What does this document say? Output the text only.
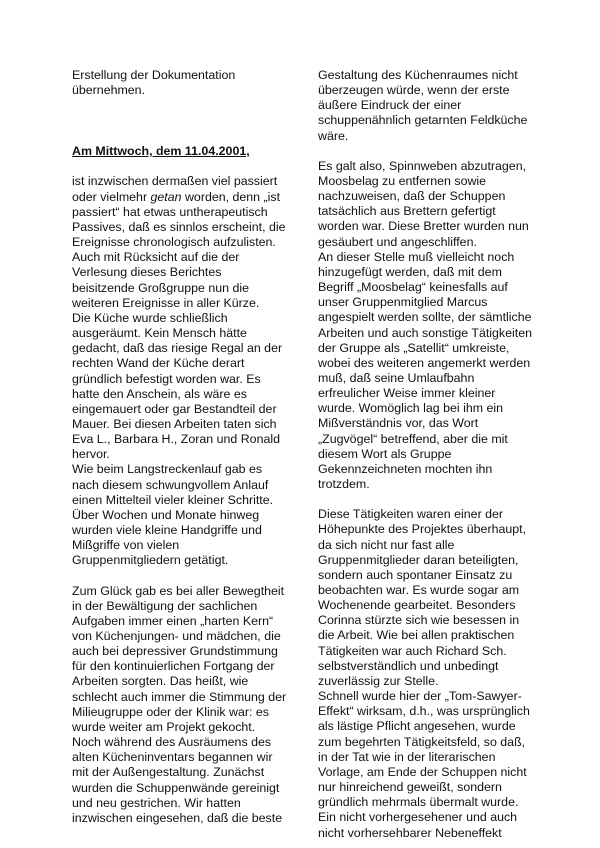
Erstellung der Dokumentation
übernehmen.

Am Mittwoch, dem 11.04.2001,

ist inzwischen dermaßen viel passiert
oder vielmehr getan worden, denn „ist
passiert“ hat etwas untherapeutisch
Passives, daß es sinnlos erscheint, die
Ereignisse chronologisch aufzulisten.
Auch mit Rücksicht auf die der
Verlesung dieses Berichtes
beisitzende Großgruppe nun die
weiteren Ereignisse in aller Kürze.
Die Küche wurde schließlich
ausgeräumt. Kein Mensch hätte
gedacht, daß das riesige Regal an der
rechten Wand der Küche derart
gründlich befestigt worden war. Es
hatte den Anschein, als wäre es
eingemauert oder gar Bestandteil der
Mauer. Bei diesen Arbeiten taten sich
Eva L., Barbara H., Zoran und Ronald
hervor.
Wie beim Langstreckenlauf gab es
nach diesem schwungvollem Anlauf
einen Mittelteil vieler kleiner Schritte.
Über Wochen und Monate hinweg
wurden viele kleine Handgriffe und
Mißgriffe von vielen
Gruppenmitgliedern getätigt.

Zum Glück gab es bei aller Bewegtheit
in der Bewältigung der sachlichen
Aufgaben immer einen „harten Kern“
von Küchenjungen- und mädchen, die
auch bei depressiver Grundstimmung
für den kontinuierlichen Fortgang der
Arbeiten sorgten. Das heißt, wie
schlecht auch immer die Stimmung der
Milieugruppe oder der Klinik war: es
wurde weiter am Projekt gekocht.
Noch während des Ausräumens des
alten Kücheninventars begannen wir
mit der Außengestaltung. Zunächst
wurden die Schuppenwände gereinigt
und neu gestrichen. Wir hatten
inzwischen eingesehen, daß die beste

Gestaltung des Küchenraumes nicht
überzeugen würde, wenn der erste
äußere Eindruck der einer
schuppenähnlich getarnten Feldküche
wäre.

Es galt also, Spinnweben abzutragen,
Moosbelag zu entfernen sowie
nachzuweisen, daß der Schuppen
tatsächlich aus Brettern gefertigt
worden war. Diese Bretter wurden nun
gesäubert und angeschliffen.
An dieser Stelle muß vielleicht noch
hinzugefügt werden, daß mit dem
Begriff „Moosbelag“ keinesfalls auf
unser Gruppenmitglied Marcus
angespielt werden sollte, der sämtliche
Arbeiten und auch sonstige Tätigkeiten
der Gruppe als „Satellit“ umkreiste,
wobei des weiteren angemerkt werden
muß, daß seine Umlaufbahn
erfreulicher Weise immer kleiner
wurde. Womöglich lag bei ihm ein
Mißverständnis vor, das Wort
„Zugvögel“ betreffend, aber die mit
diesem Wort als Gruppe
Gekennzeichneten mochten ihn
trotzdem.

Diese Tätigkeiten waren einer der
Höhepunkte des Projektes überhaupt,
da sich nicht nur fast alle
Gruppenmitglieder daran beteiligten,
sondern auch spontaner Einsatz zu
beobachten war. Es wurde sogar am
Wochenende gearbeitet. Besonders
Corinna stürzte sich wie besessen in
die Arbeit. Wie bei allen praktischen
Tätigkeiten war auch Richard Sch.
selbstverständlich und unbedingt
zuverlässig zur Stelle.
Schnell wurde hier der „Tom-Sawyer-
Effekt“ wirksam, d.h., was ursprünglich
als lästige Pflicht angesehen, wurde
zum begehrten Tätigkeitsfeld, so daß,
in der Tat wie in der literarischen
Vorlage, am Ende der Schuppen nicht
nur hinreichend geweißt, sondern
gründlich mehrmals übermalt wurde.
Ein nicht vorhergesehener und auch
nicht vorhersehbarer Nebeneffekt
